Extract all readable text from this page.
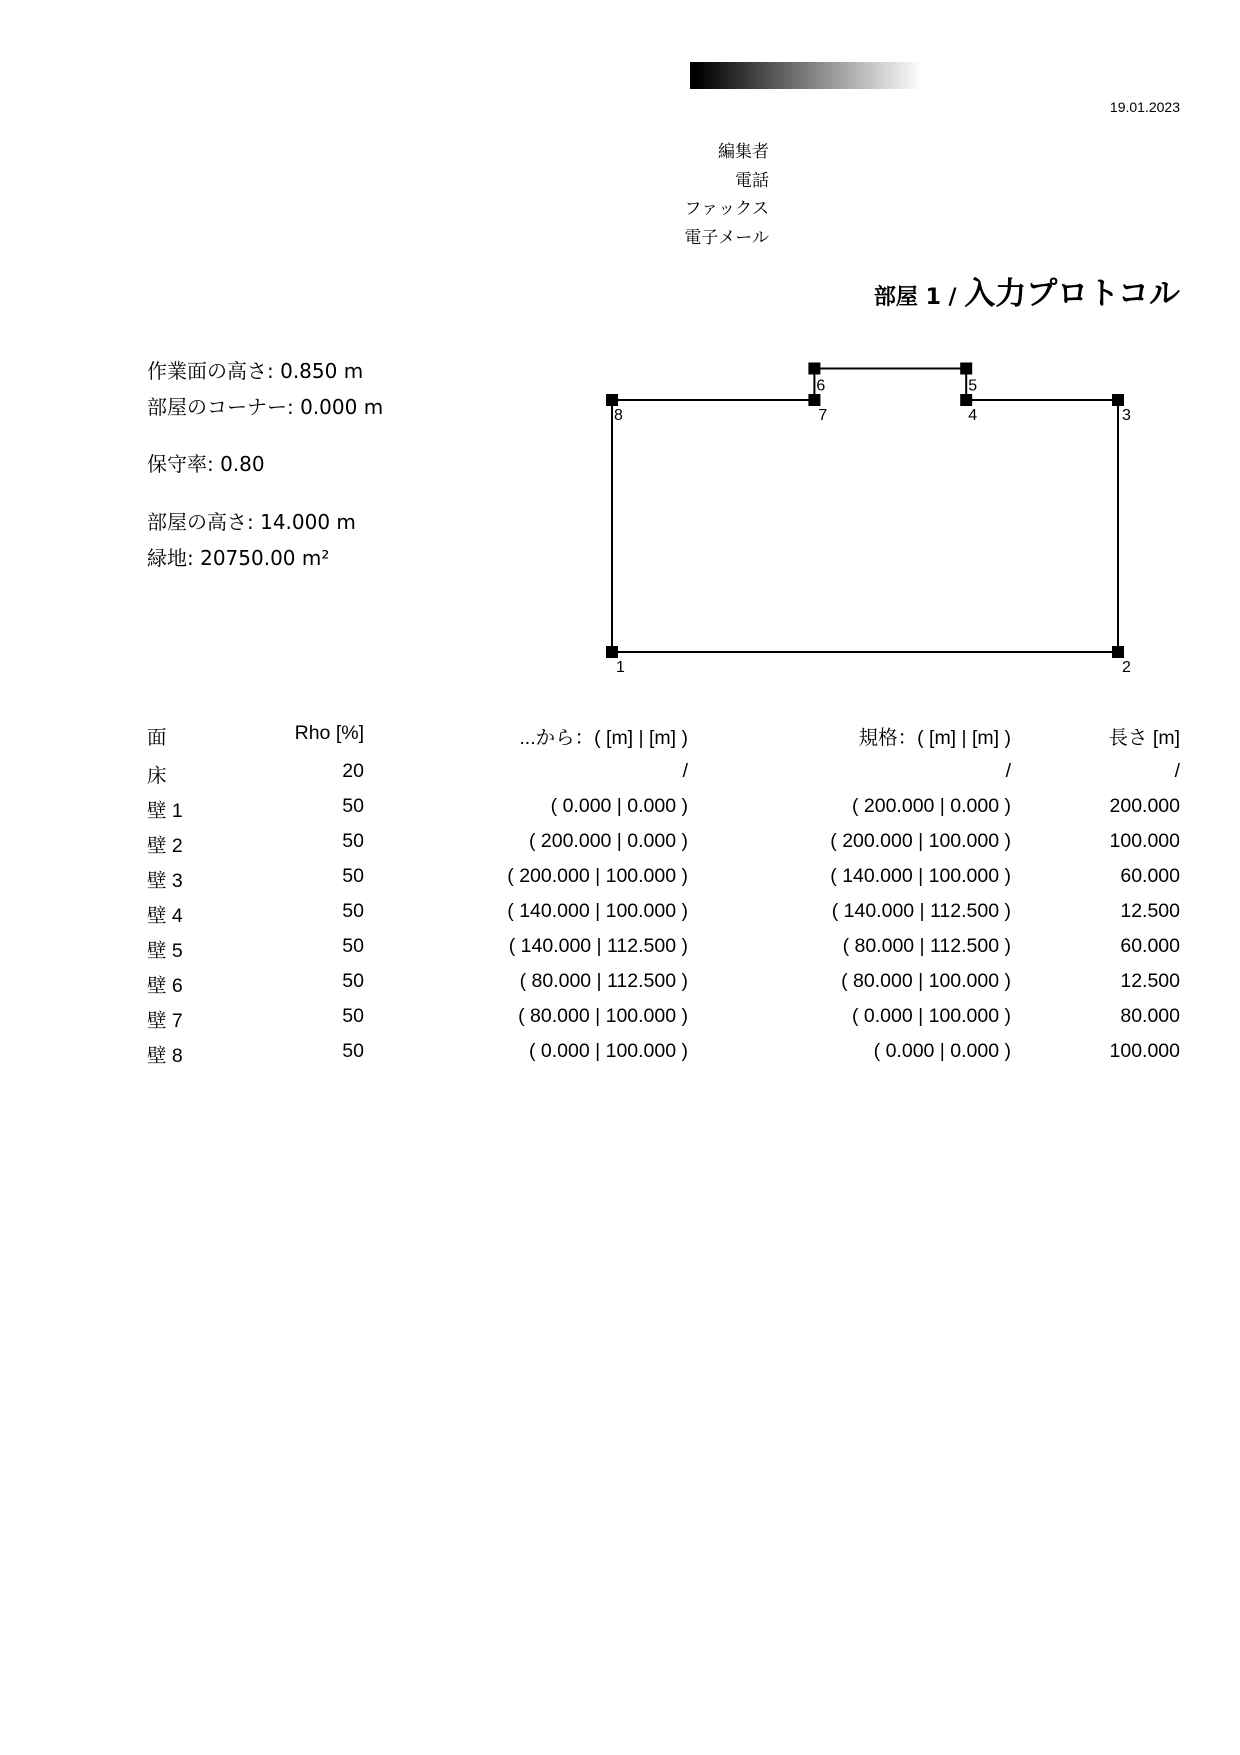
19.01.2023
編集者
電話
ファックス
電子メール
部屋 1 / 入力プロトコル
作業面の高さ: 0.850 m
部屋のコーナー: 0.000 m
保守率: 0.80
部屋の高さ: 14.000 m
緑地: 20750.00 m²
1	2
3
4
5
6
7
8
面	Rho [%]	...から：( [m] | [m] )	規格：( [m] | [m] )	長さ [m]
床	20	/	/	/
壁 1	50	( 0.000 | 0.000 )	( 200.000 | 0.000 )	200.000
壁 2	50	( 200.000 | 0.000 )	( 200.000 | 100.000 )	100.000
壁 3	50	( 200.000 | 100.000 )	( 140.000 | 100.000 )	60.000
壁 4	50	( 140.000 | 100.000 )	( 140.000 | 112.500 )	12.500
壁 5	50	( 140.000 | 112.500 )	( 80.000 | 112.500 )	60.000
壁 6	50	( 80.000 | 112.500 )	( 80.000 | 100.000 )	12.500
壁 7	50	( 80.000 | 100.000 )	( 0.000 | 100.000 )	80.000
壁 8	50	( 0.000 | 100.000 )	( 0.000 | 0.000 )	100.000
